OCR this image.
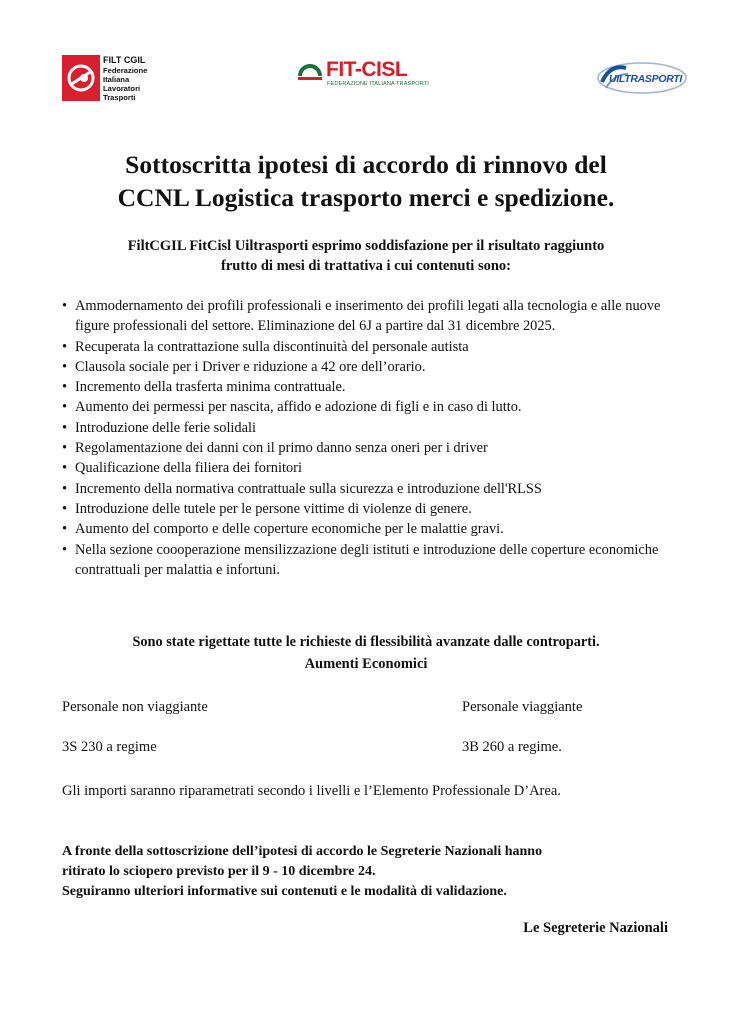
FILT CGIL
Federazione
Italiana
Lavoratori
Trasporti
FIT-CISL
FEDERAZIONE ITALIANA TRASPORTI	UILTRASPORTI
Sottoscritta ipotesi di accordo di rinnovo del
CCNL Logistica trasporto merci e spedizione.

FiltCGIL FitCisl Uiltrasporti esprimo soddisfazione per il risultato raggiunto
frutto di mesi di trattativa i cui contenuti sono:

• Ammodernamento dei profili professionali e inserimento dei profili legati alla tecnologia e alle nuove figure professionali del settore. Eliminazione del 6J a partire dal 31 dicembre 2025.
• Recuperata la contrattazione sulla discontinuità del personale autista
• Clausola sociale per i Driver e riduzione a 42 ore dell’orario.
• Incremento della trasferta minima contrattuale.
• Aumento dei permessi per nascita, affido e adozione di figli e in caso di lutto.
• Introduzione delle ferie solidali
• Regolamentazione dei danni con il primo danno senza oneri per i driver
• Qualificazione della filiera dei fornitori
• Incremento della normativa contrattuale sulla sicurezza e introduzione dell'RLSS
• Introduzione delle tutele per le persone vittime di violenze di genere.
• Aumento del comporto e delle coperture economiche per le malattie gravi.
• Nella sezione coooperazione mensilizzazione degli istituti e introduzione delle coperture economiche contrattuali per malattia e infortuni.

Sono state rigettate tutte le richieste di flessibilità avanzate dalle controparti.

Aumenti Economici

Personale non viaggiante	Personale viaggiante
3S 230 a regime	3B 260 a regime.

Gli importi saranno riparametrati secondo i livelli e l’Elemento Professionale D’Area.

A fronte della sottoscrizione dell’ipotesi di accordo le Segreterie Nazionali hanno
ritirato lo sciopero previsto per il 9 - 10 dicembre 24.
Seguiranno ulteriori informative sui contenuti e le modalità di validazione.

Le Segreterie Nazionali
